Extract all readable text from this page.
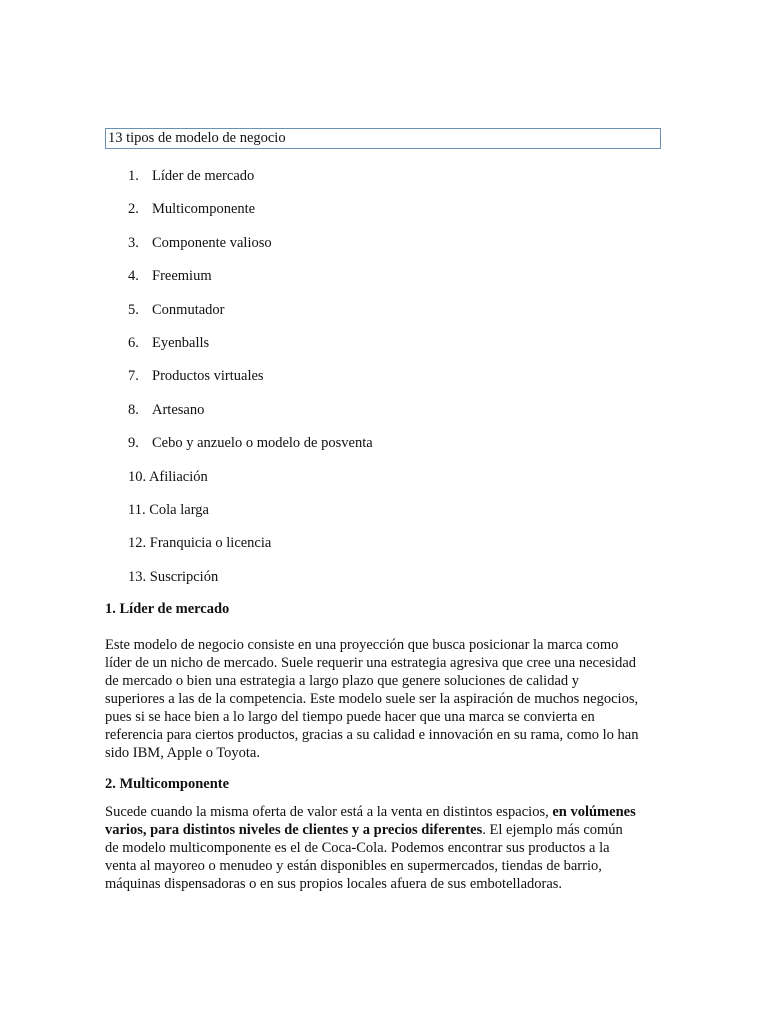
13 tipos de modelo de negocio
1. Líder de mercado
2. Multicomponente
3. Componente valioso
4. Freemium
5. Conmutador
6. Eyenballs
7. Productos virtuales
8. Artesano
9. Cebo y anzuelo o modelo de posventa
10. Afiliación
11. Cola larga
12. Franquicia o licencia
13. Suscripción
1. Líder de mercado

Este modelo de negocio consiste en una proyección que busca posicionar la marca como
líder de un nicho de mercado. Suele requerir una estrategia agresiva que cree una necesidad
de mercado o bien una estrategia a largo plazo que genere soluciones de calidad y
superiores a las de la competencia. Este modelo suele ser la aspiración de muchos negocios,
pues si se hace bien a lo largo del tiempo puede hacer que una marca se convierta en
referencia para ciertos productos, gracias a su calidad e innovación en su rama, como lo han
sido IBM, Apple o Toyota.

2. Multicomponente

Sucede cuando la misma oferta de valor está a la venta en distintos espacios, en volúmenes
varios, para distintos niveles de clientes y a precios diferentes. El ejemplo más común
de modelo multicomponente es el de Coca-Cola. Podemos encontrar sus productos a la
venta al mayoreo o menudeo y están disponibles en supermercados, tiendas de barrio,
máquinas dispensadoras o en sus propios locales afuera de sus embotelladoras.
